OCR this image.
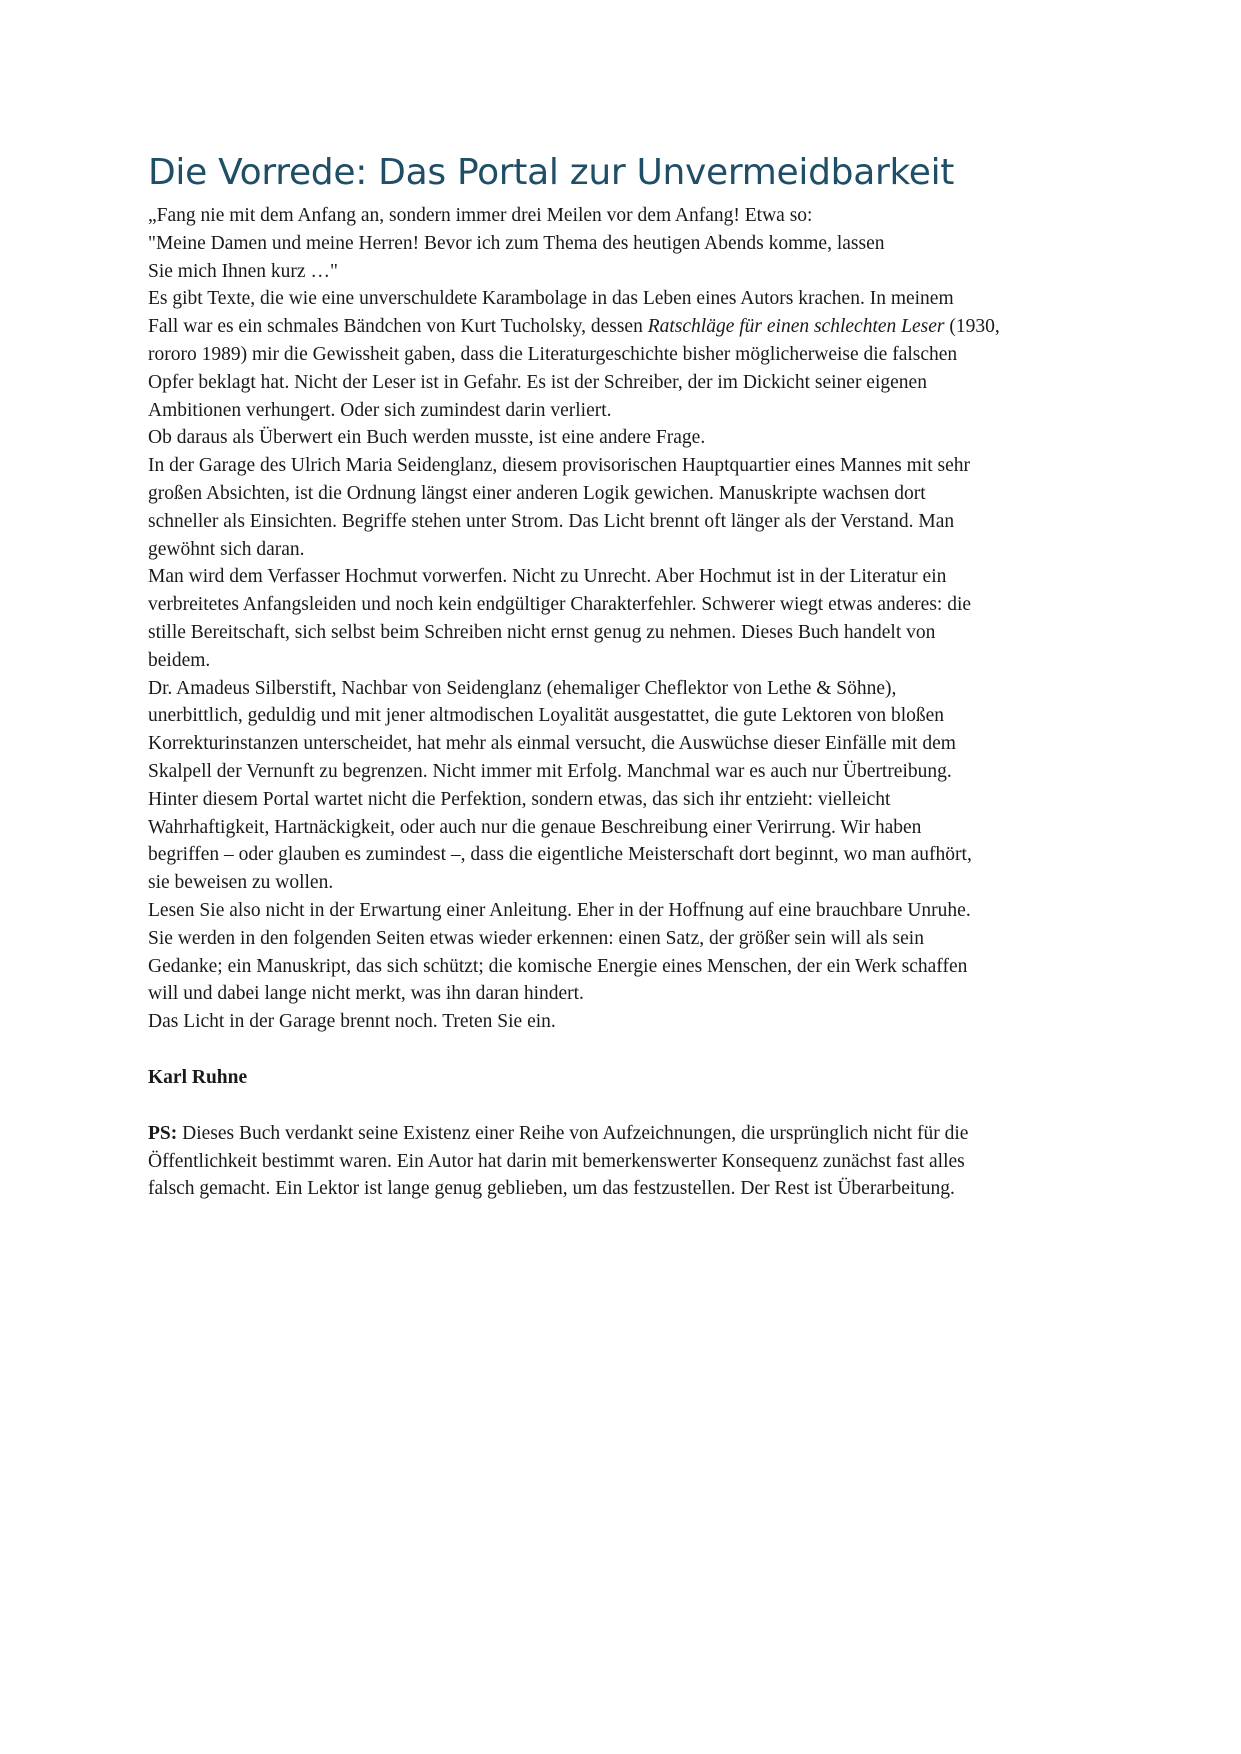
Die Vorrede: Das Portal zur Unvermeidbarkeit
„Fang nie mit dem Anfang an, sondern immer drei Meilen vor dem Anfang! Etwa so:
"Meine Damen und meine Herren! Bevor ich zum Thema des heutigen Abends komme, lassen
Sie mich Ihnen kurz …"
Es gibt Texte, die wie eine unverschuldete Karambolage in das Leben eines Autors krachen. In meinem
Fall war es ein schmales Bändchen von Kurt Tucholsky, dessen Ratschläge für einen schlechten Leser (1930,
rororo 1989) mir die Gewissheit gaben, dass die Literaturgeschichte bisher möglicherweise die falschen
Opfer beklagt hat. Nicht der Leser ist in Gefahr. Es ist der Schreiber, der im Dickicht seiner eigenen
Ambitionen verhungert. Oder sich zumindest darin verliert.
Ob daraus als Überwert ein Buch werden musste, ist eine andere Frage.
In der Garage des Ulrich Maria Seidenglanz, diesem provisorischen Hauptquartier eines Mannes mit sehr
großen Absichten, ist die Ordnung längst einer anderen Logik gewichen. Manuskripte wachsen dort
schneller als Einsichten. Begriffe stehen unter Strom. Das Licht brennt oft länger als der Verstand. Man
gewöhnt sich daran.
Man wird dem Verfasser Hochmut vorwerfen. Nicht zu Unrecht. Aber Hochmut ist in der Literatur ein
verbreitetes Anfangsleiden und noch kein endgültiger Charakterfehler. Schwerer wiegt etwas anderes: die
stille Bereitschaft, sich selbst beim Schreiben nicht ernst genug zu nehmen. Dieses Buch handelt von
beidem.
Dr. Amadeus Silberstift, Nachbar von Seidenglanz (ehemaliger Cheflektor von Lethe & Söhne),
unerbittlich, geduldig und mit jener altmodischen Loyalität ausgestattet, die gute Lektoren von bloßen
Korrekturinstanzen unterscheidet, hat mehr als einmal versucht, die Auswüchse dieser Einfälle mit dem
Skalpell der Vernunft zu begrenzen. Nicht immer mit Erfolg. Manchmal war es auch nur Übertreibung.
Hinter diesem Portal wartet nicht die Perfektion, sondern etwas, das sich ihr entzieht: vielleicht
Wahrhaftigkeit, Hartnäckigkeit, oder auch nur die genaue Beschreibung einer Verirrung. Wir haben
begriffen – oder glauben es zumindest –, dass die eigentliche Meisterschaft dort beginnt, wo man aufhört,
sie beweisen zu wollen.
Lesen Sie also nicht in der Erwartung einer Anleitung. Eher in der Hoffnung auf eine brauchbare Unruhe.
Sie werden in den folgenden Seiten etwas wieder erkennen: einen Satz, der größer sein will als sein
Gedanke; ein Manuskript, das sich schützt; die komische Energie eines Menschen, der ein Werk schaffen
will und dabei lange nicht merkt, was ihn daran hindert.
Das Licht in der Garage brennt noch. Treten Sie ein.
Karl Ruhne
PS: Dieses Buch verdankt seine Existenz einer Reihe von Aufzeichnungen, die ursprünglich nicht für die
Öffentlichkeit bestimmt waren. Ein Autor hat darin mit bemerkenswerter Konsequenz zunächst fast alles
falsch gemacht. Ein Lektor ist lange genug geblieben, um das festzustellen. Der Rest ist Überarbeitung.
